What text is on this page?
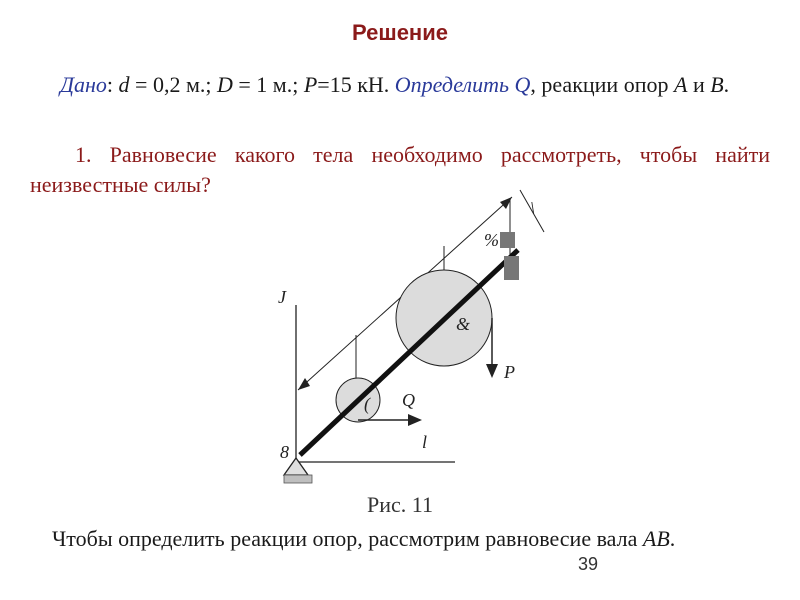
Решение
Дано: d = 0,2 м.; D = 1 м.; P=15 кН. Определить Q, реакции опор A и B.
1. Равновесие какого тела необходимо рассмотреть, чтобы найти неизвестные силы?
J
l
8
&
(
P
Q
\
%
Рис. 11
Чтобы определить реакции опор, рассмотрим равновесие вала AB.
39
